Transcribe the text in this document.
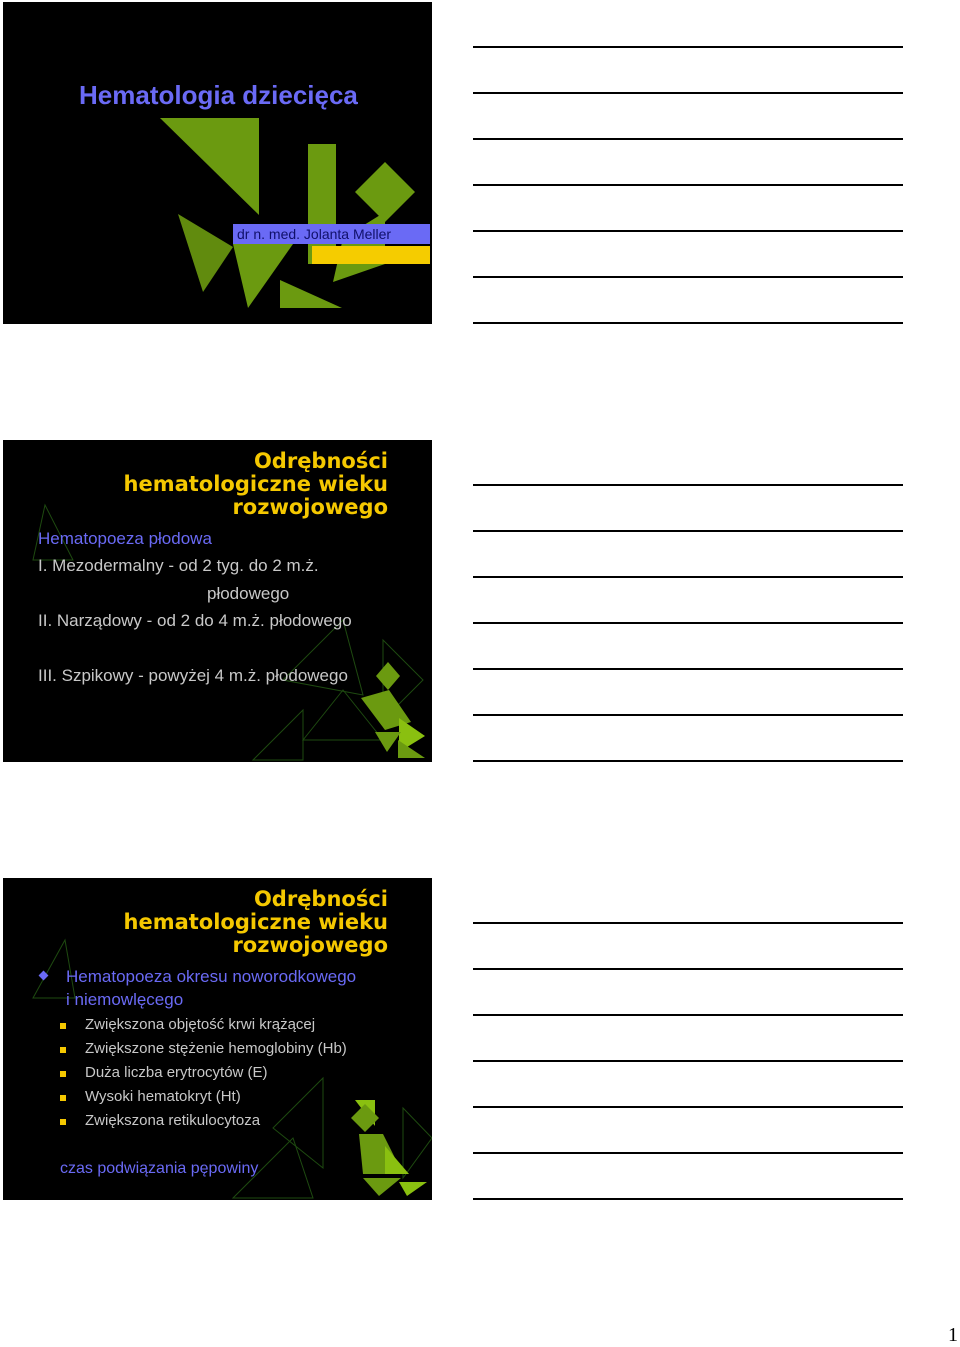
Hematologia dziecięca
dr n. med. Jolanta Meller
Odrębności
hematologiczne wieku
rozwojowego
Hematopoeza płodowa
I. Mezodermalny - od 2 tyg. do 2 m.ż.
płodowego
II. Narządowy - od 2 do 4 m.ż. płodowego
III. Szpikowy - powyżej 4 m.ż. płodowego
Odrębności
hematologiczne wieku
rozwojowego
Hematopoeza okresu noworodkowego
i niemowlęcego
Zwiększona objętość krwi krążącej
Zwiększone stężenie hemoglobiny (Hb)
Duża liczba erytrocytów (E)
Wysoki hematokryt (Ht)
Zwiększona retikulocytoza
czas podwiązania pępowiny
1
